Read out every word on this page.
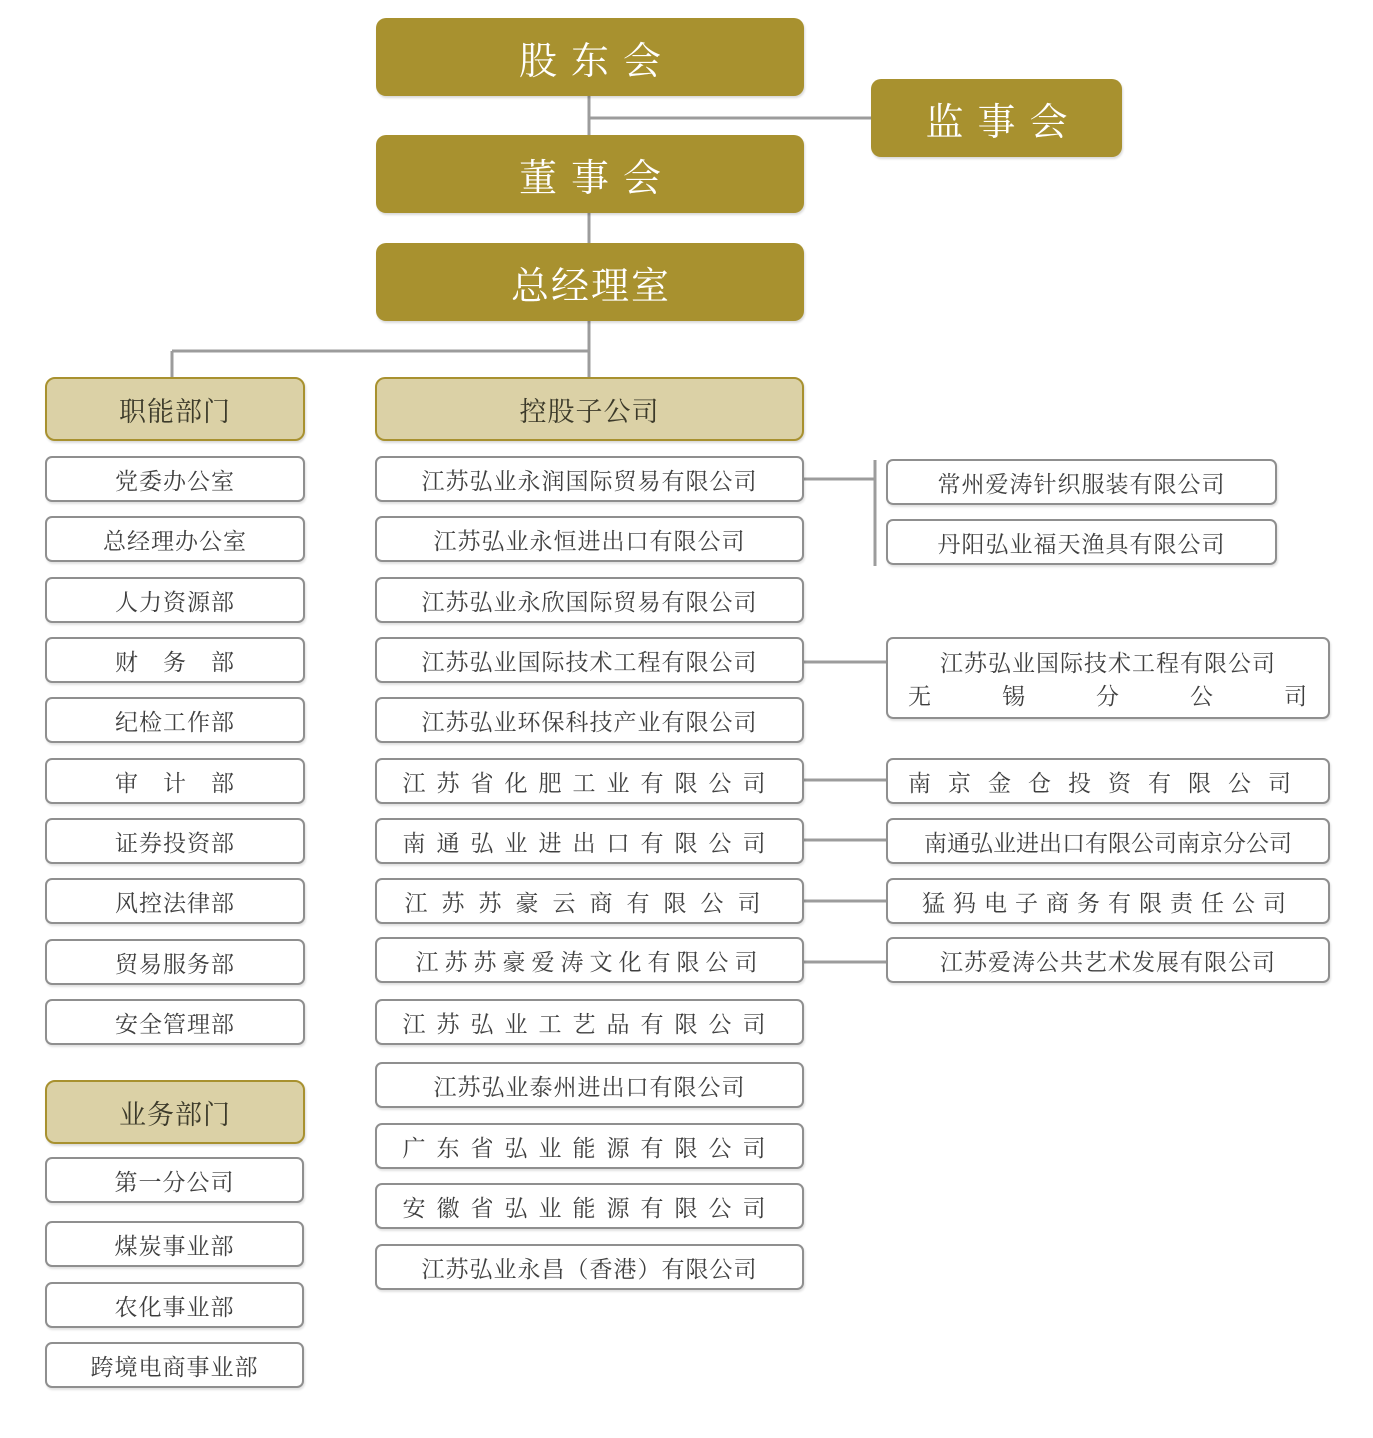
股东会
监事会
董事会
总经理室
职能部门	控股子公司
业务部门
党委办公室
总经理办公室
人力资源部
财　务　部
纪检工作部
审　计　部
证券投资部
风控法律部
贸易服务部
安全管理部
第一分公司
煤炭事业部
农化事业部
跨境电商事业部
江苏弘业永润国际贸易有限公司
江苏弘业永恒进出口有限公司
江苏弘业永欣国际贸易有限公司
江苏弘业国际技术工程有限公司
江苏弘业环保科技产业有限公司
江苏省化肥工业有限公司
南通弘业进出口有限公司
江苏苏豪云商有限公司
江苏苏豪爱涛文化有限公司
江苏弘业工艺品有限公司
江苏弘业泰州进出口有限公司
广东省弘业能源有限公司
安徽省弘业能源有限公司
江苏弘业永昌（香港）有限公司
常州爱涛针织服装有限公司
丹阳弘业福天渔具有限公司
江苏弘业国际技术工程有限公司
无	锡	分	公	司
南京金仓投资有限公司
南通弘业进出口有限公司南京分公司
猛犸电子商务有限责任公司
江苏爱涛公共艺术发展有限公司
